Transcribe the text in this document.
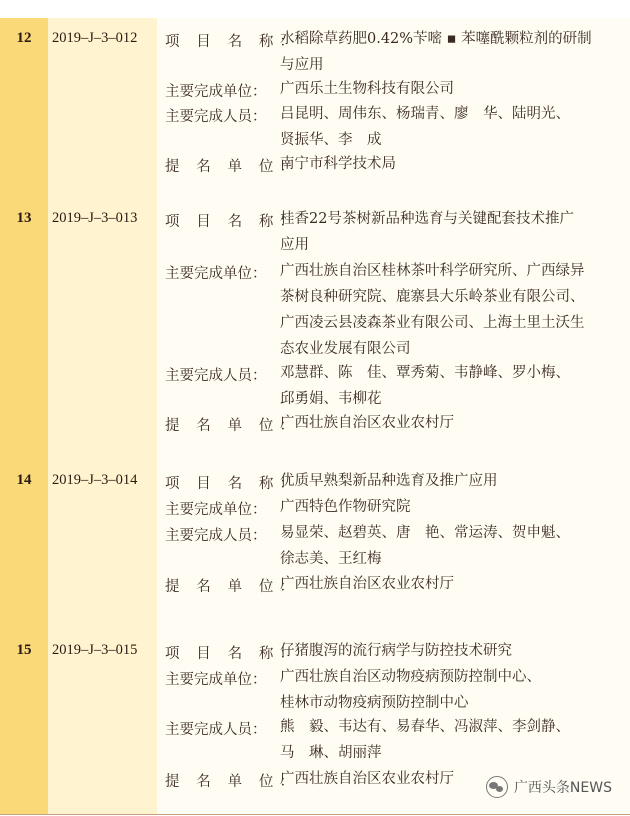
12	2019–J–3–012	项 目 名 称：
水稻除草药肥0.42%苄嘧 ▪ 苯噻酰颗粒剂的研制
与应用
主要完成单位： 广西乐土生物科技有限公司
主要完成人员： 吕昆明、周伟东、杨瑞青、廖　华、陆明光、
贤振华、李　成
提 名 单 位：
南宁市科学技术局
13	2019–J–3–013	项 目 名 称：
桂香22号茶树新品种选育与关键配套技术推广
应用
主要完成单位： 广西壮族自治区桂林茶叶科学研究所、广西绿异
茶树良种研究院、鹿寨县大乐岭茶业有限公司、
广西凌云县凌森茶业有限公司、上海土里土沃生
态农业发展有限公司
主要完成人员： 邓慧群、陈　佳、覃秀菊、韦静峰、罗小梅、
邱勇娟、韦柳花
提 名 单 位：
广西壮族自治区农业农村厅
14	2019–J–3–014	项 目 名 称：
优质早熟梨新品种选育及推广应用
主要完成单位： 广西特色作物研究院
主要完成人员： 易显荣、赵碧英、唐　艳、常运涛、贺申魁、
徐志美、王红梅
提 名 单 位：
广西壮族自治区农业农村厅
15	2019–J–3–015	项 目 名 称：
仔猪腹泻的流行病学与防控技术研究
主要完成单位： 广西壮族自治区动物疫病预防控制中心、
桂林市动物疫病预防控制中心
主要完成人员： 熊　毅、韦达有、易春华、冯淑萍、李剑静、
马　琳、胡丽萍
提 名 单 位：
广西壮族自治区农业农村厅
广西头条NEWS
